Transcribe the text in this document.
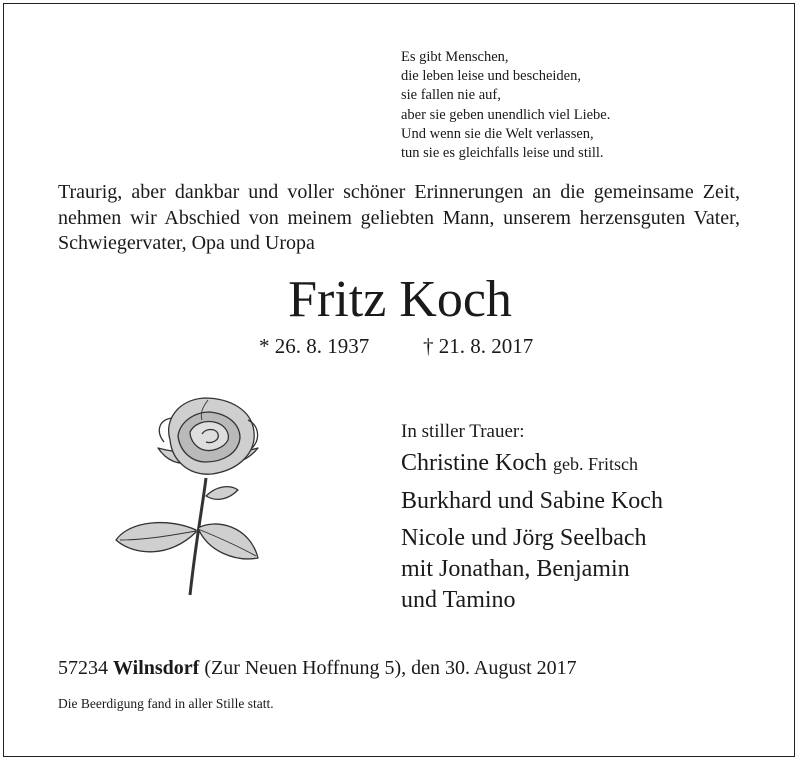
Es gibt Menschen,
die leben leise und bescheiden,
sie fallen nie auf,
aber sie geben unendlich viel Liebe.
Und wenn sie die Welt verlassen,
tun sie es gleichfalls leise und still.
Traurig, aber dankbar und voller schöner Erinnerungen an die gemeinsame Zeit, nehmen wir Abschied von meinem geliebten Mann, unserem herzensguten Vater, Schwiegervater, Opa und Uropa
Fritz Koch
* 26. 8. 1937	† 21. 8. 2017
In stiller Trauer:
Christine Koch geb. Fritsch
Burkhard und Sabine Koch
Nicole und Jörg Seelbach
mit Jonathan, Benjamin
und Tamino
57234 Wilnsdorf (Zur Neuen Hoffnung 5), den 30. August 2017
Die Beerdigung fand in aller Stille statt.
